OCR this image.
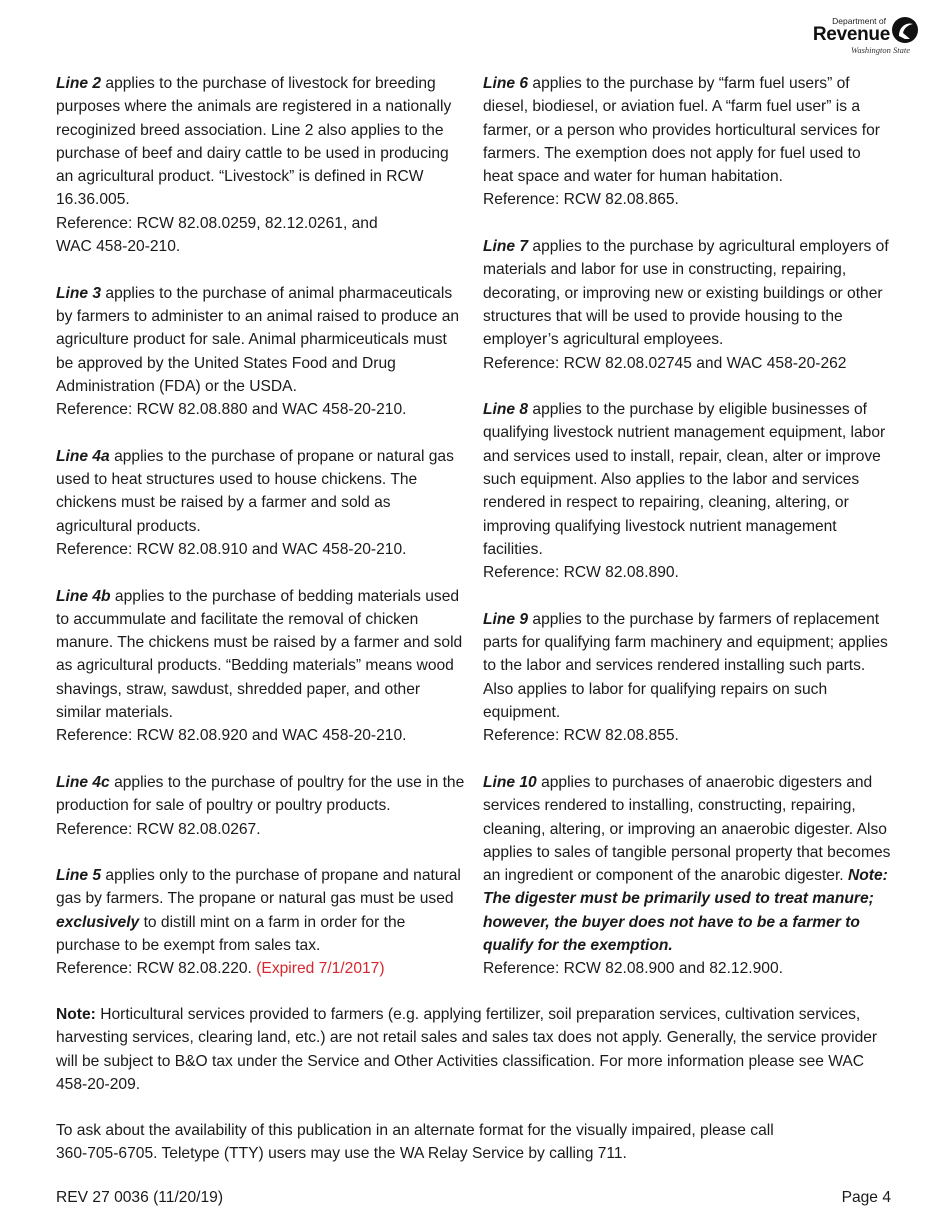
Department of
Revenue
Washington State

Line 2 applies to the purchase of livestock for breeding purposes where the animals are registered in a nationally recoginized breed association. Line 2 also applies to the purchase of beef and dairy cattle to be used in producing an agricultural product. “Livestock” is defined in RCW 16.36.005.

Reference: RCW 82.08.0259, 82.12.0261, and

WAC 458-20-210.

Line 3 applies to the purchase of animal pharmaceuticals by farmers to administer to an animal raised to produce an agriculture product for sale. Animal pharmiceuticals must be approved by the United States Food and Drug Administration (FDA) or the USDA.

Reference: RCW 82.08.880 and WAC 458-20-210.

Line 4a applies to the purchase of propane or natural gas used to heat structures used to house chickens. The chickens must be raised by a farmer and sold as agricultural products.

Reference: RCW 82.08.910 and WAC 458-20-210.

Line 4b applies to the purchase of bedding materials used to accummulate and facilitate the removal of chicken manure. The chickens must be raised by a farmer and sold as agricultural products. “Bedding materials” means wood shavings, straw, sawdust, shredded paper, and other similar materials.

Reference: RCW 82.08.920 and WAC 458-20-210.

Line 4c applies to the purchase of poultry for the use in the production for sale of poultry or poultry products.

Reference: RCW 82.08.0267.

Line 5 applies only to the purchase of propane and natural gas by farmers. The propane or natural gas must be used exclusively to distill mint on a farm in order for the purchase to be exempt from sales tax.

Reference: RCW 82.08.220. (Expired 7/1/2017)

Line 6 applies to the purchase by “farm fuel users” of diesel, biodiesel, or aviation fuel. A “farm fuel user” is a farmer, or a person who provides horticultural services for farmers. The exemption does not apply for fuel used to heat space and water for human habitation.

Reference: RCW 82.08.865.

Line 7 applies to the purchase by agricultural employers of materials and labor for use in constructing, repairing, decorating, or improving new or existing buildings or other structures that will be used to provide housing to the employer’s agricultural employees.

Reference: RCW 82.08.02745 and WAC 458-20-262

Line 8 applies to the purchase by eligible businesses of qualifying livestock nutrient management equipment, labor and services used to install, repair, clean, alter or improve such equipment. Also applies to the labor and services rendered in respect to repairing, cleaning, altering, or improving qualifying livestock nutrient management facilities.

Reference: RCW 82.08.890.

Line 9 applies to the purchase by farmers of replacement parts for qualifying farm machinery and equipment; applies to the labor and services rendered installing such parts. Also applies to labor for qualifying repairs on such equipment.

Reference: RCW 82.08.855.

Line 10 applies to purchases of anaerobic digesters and services rendered to installing, constructing, repairing, cleaning, altering, or improving an anaerobic digester. Also applies to sales of tangible personal property that becomes an ingredient or component of the anarobic digester. Note: The digester must be primarily used to treat manure; however, the buyer does not have to be a farmer to qualify for the exemption.

Reference: RCW 82.08.900 and 82.12.900.

Note: Horticultural services provided to farmers (e.g. applying fertilizer, soil preparation services, cultivation services, harvesting services, clearing land, etc.) are not retail sales and sales tax does not apply. Generally, the service provider will be subject to B&O tax under the Service and Other Activities classification. For more information please see WAC 458-20-209.

To ask about the availability of this publication in an alternate format for the visually impaired, please call
360-705-6705. Teletype (TTY) users may use the WA Relay Service by calling 711.

REV 27 0036 (11/20/19)	Page 4
